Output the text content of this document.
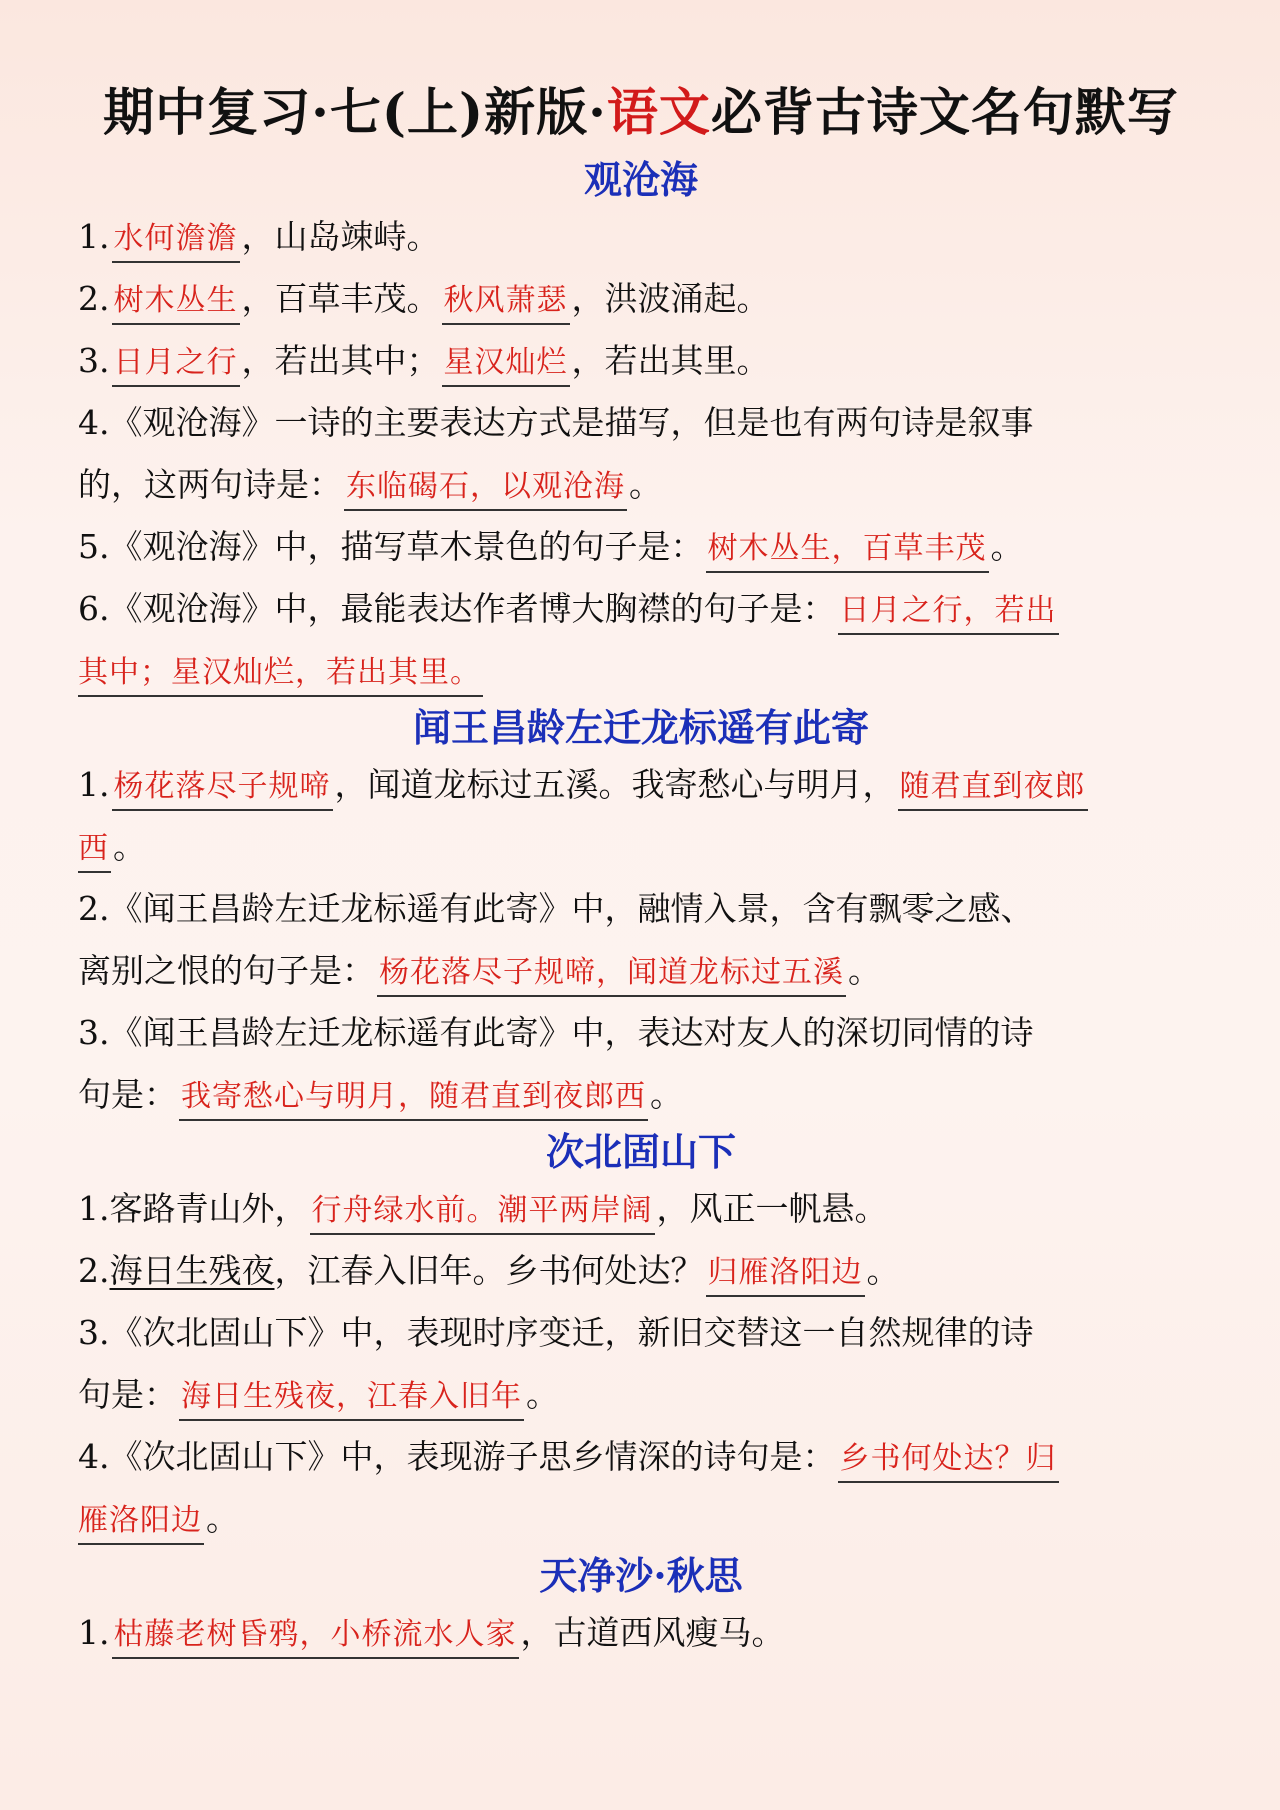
期中复习·七(上)新版·语文必背古诗文名句默写
观沧海
1. 水何澹澹 ，山岛竦峙。
2. 树木丛生 ，百草丰茂。 秋风萧瑟 ，洪波涌起。
3. 日月之行 ，若出其中； 星汉灿烂 ，若出其里。
4.《观沧海》一诗的主要表达方式是描写，但是也有两句诗是叙事
的，这两句诗是： 东临碣石，以观沧海 。
5.《观沧海》中，描写草木景色的句子是： 树木丛生，百草丰茂 。
6.《观沧海》中，最能表达作者博大胸襟的句子是： 日月之行，若出
其中；星汉灿烂，若出其里。
闻王昌龄左迁龙标遥有此寄
1. 杨花落尽子规啼 ，闻道龙标过五溪。我寄愁心与明月， 随君直到夜郎
西 。
2.《闻王昌龄左迁龙标遥有此寄》中，融情入景，含有飘零之感、
离别之恨的句子是： 杨花落尽子规啼，闻道龙标过五溪 。
3.《闻王昌龄左迁龙标遥有此寄》中，表达对友人的深切同情的诗
句是： 我寄愁心与明月，随君直到夜郎西 。
次北固山下
1.客路青山外， 行舟绿水前。潮平两岸阔 ，风正一帆悬。
2.海日生残夜，江春入旧年。乡书何处达？ 归雁洛阳边 。
3.《次北固山下》中，表现时序变迁，新旧交替这一自然规律的诗
句是： 海日生残夜，江春入旧年 。
4.《次北固山下》中，表现游子思乡情深的诗句是： 乡书何处达？归
雁洛阳边 。
天净沙·秋思
1. 枯藤老树昏鸦，小桥流水人家 ，古道西风瘦马。
